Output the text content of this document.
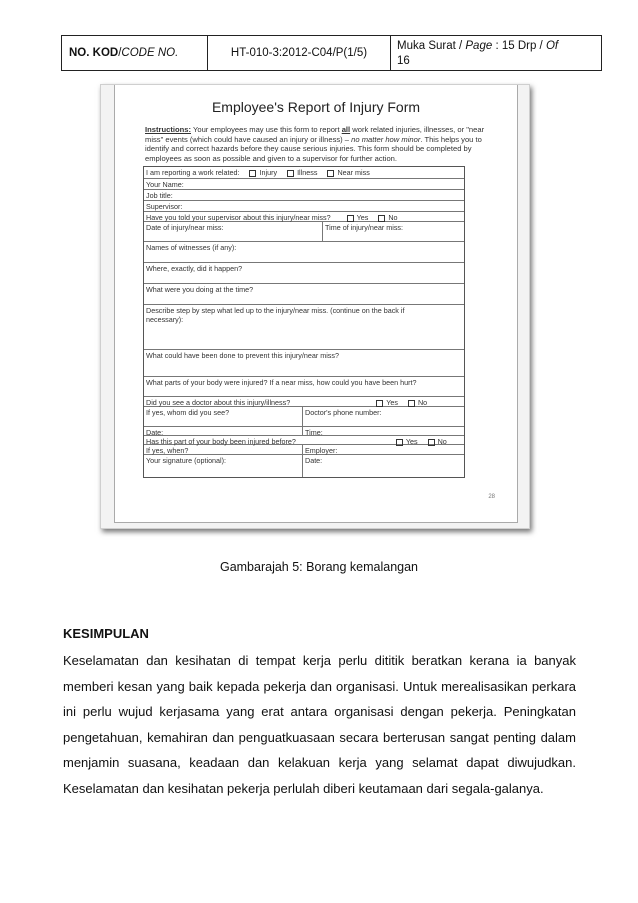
NO. KOD / CODE NO.	HT-010-3:2012-C04/P(1/5)
Muka Surat / Page : 15 Drp / Of
16
Employee's Report of Injury Form
Instructions: Your employees may use this form to report all work related injuries, illnesses, or "near miss" events (which could have caused an injury or illness) – no matter how minor. This helps you to identify and correct hazards before they cause serious injuries. This form should be completed by employees as soon as possible and given to a supervisor for further action.
I am reporting a work related:	Injury	Illness	Near miss
Your Name:
Job title:
Supervisor:
Have you told your supervisor about this injury/near miss?	Yes	No
Date of injury/near miss:	Time of injury/near miss:
Names of witnesses (if any):
Where, exactly, did it happen?
What were you doing at the time?
Describe step by step what led up to the injury/near miss. (continue on the back if
necessary):
What could have been done to prevent this injury/near miss?
What parts of your body were injured? If a near miss, how could you have been hurt?
Did you see a doctor about this injury/illness?	Yes	No
If yes, whom did you see?	Doctor's phone number:
Date:	Time:
Has this part of your body been injured before?	Yes	No
If yes, when?	Employer:
Your signature (optional):	Date:
28
Gambarajah 5: Borang kemalangan
KESIMPULAN
Keselamatan dan kesihatan di tempat kerja perlu dititik beratkan kerana ia banyak
memberi kesan yang baik kepada pekerja dan organisasi. Untuk merealisasikan perkara
ini perlu wujud kerjasama yang erat antara organisasi dengan pekerja. Peningkatan
pengetahuan, kemahiran dan penguatkuasaan secara berterusan sangat penting dalam
menjamin suasana, keadaan dan kelakuan kerja yang selamat dapat diwujudkan.
Keselamatan dan kesihatan pekerja perlulah diberi keutamaan dari segala-galanya.
